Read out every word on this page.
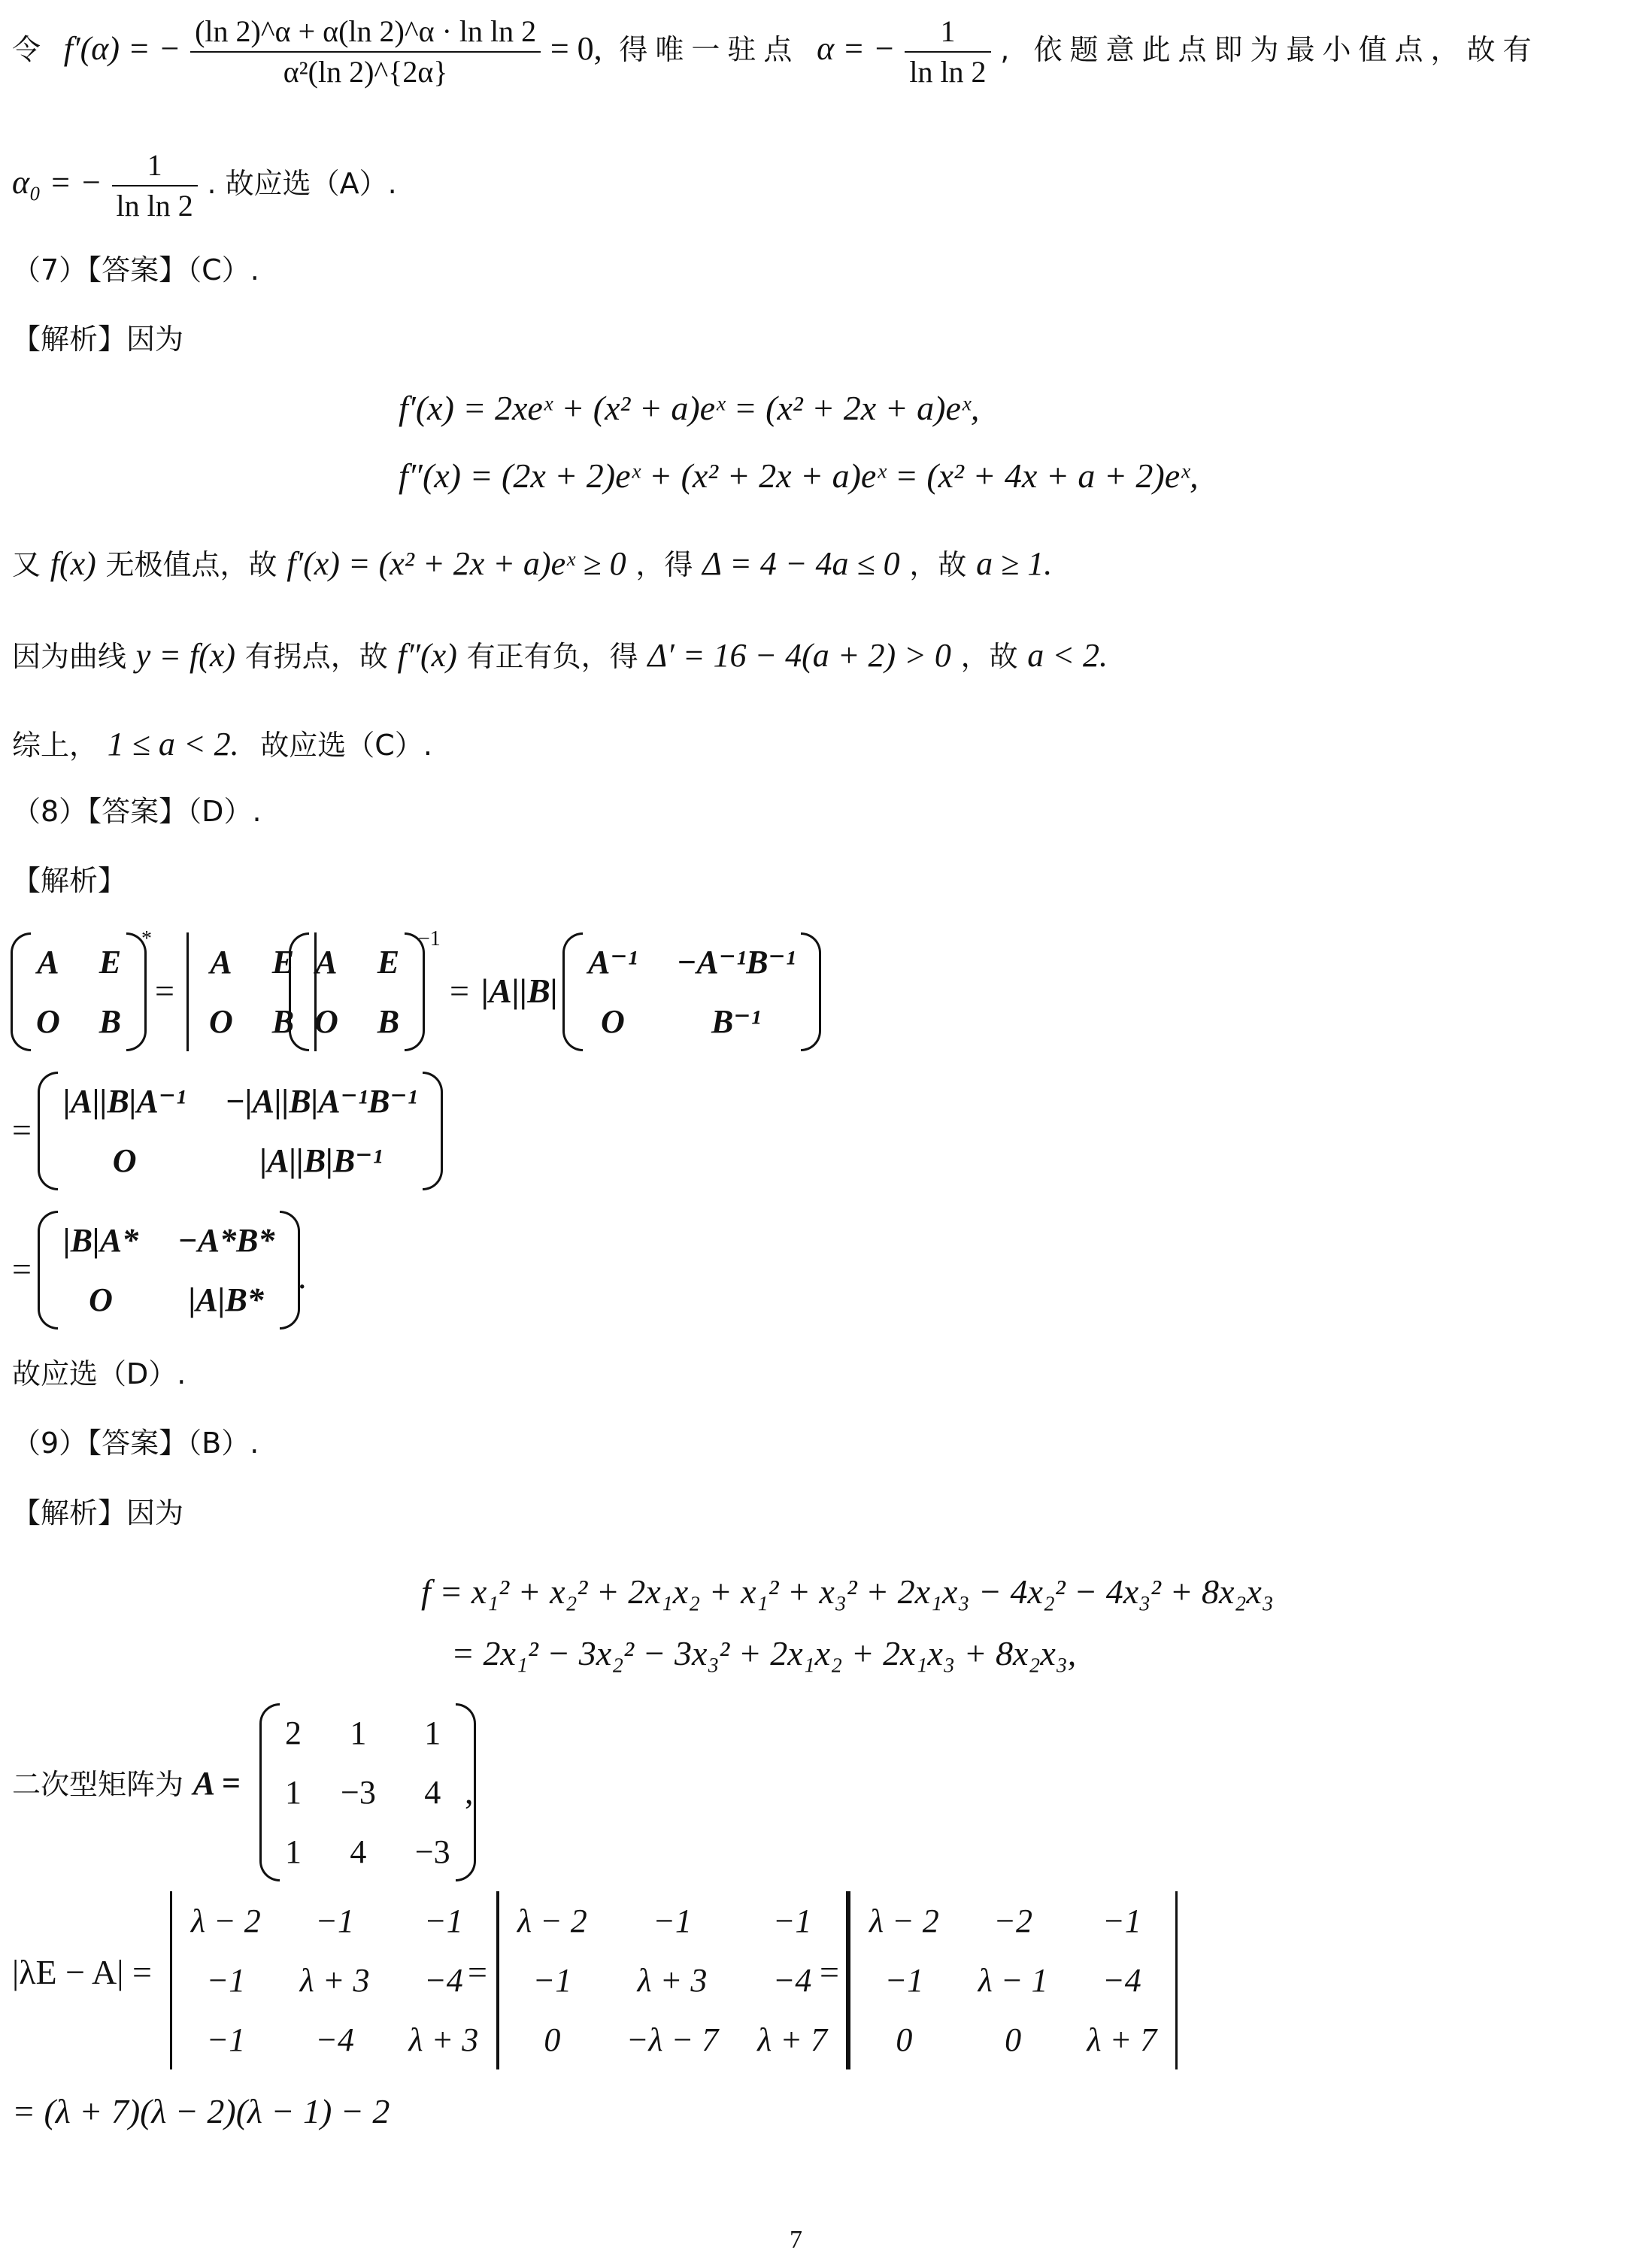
令 f′(α) = − $\frac{\text{(ln 2)\textasciicircum{}α + α(ln 2)\textasciicircum{}α · ln ln 2}}{\text{α²(ln 2)\textasciicircum{}\{2α\}}} = 0$, 得唯一驻点 α = − $\frac{1}{\text{ln ln 2}}$ , 依题意此点即为最小值点，故有
α₀ = − $\frac{1}{\text{ln ln 2}}$ . 故应选（A）.
（7）【答案】（C）.
【解析】因为
f′(x) = 2xeˣ + (x² + a)eˣ = (x² + 2x + a)eˣ,
f″(x) = (2x + 2)eˣ + (x² + 2x + a)eˣ = (x² + 4x + a + 2)eˣ,
又 f(x) 无极值点，故 f′(x) = (x² + 2x + a)eˣ ≥ 0 ，得 Δ = 4 − 4a ≤ 0 ，故 a ≥ 1.
因为曲线 y = f(x) 有拐点，故 f″(x) 有正有负，得 Δ′ = 16 − 4(a + 2) > 0 ，故 a < 2.
综上， 1 ≤ a < 2. 故应选（C）.
（8）【答案】（D）.
【解析】
A	E
O	B
*
=
A	E
O	B
A	E
O	B
−1
= |A||B|
A⁻¹	−A⁻¹B⁻¹
O	B⁻¹
=
|A||B|A⁻¹	−|A||B|A⁻¹B⁻¹
O	|A||B|B⁻¹
=
|B|A*	−A*B*
O	|A|B*
.
故应选（D）.
（9）【答案】（B）.
【解析】因为
f = x₁² + x₂² + 2x₁x₂ + x₁² + x₃² + 2x₁x₃ − 4x₂² − 4x₃² + 8x₂x₃
= 2x₁² − 3x₂² − 3x₃² + 2x₁x₂ + 2x₁x₃ + 8x₂x₃,
二次型矩阵为 A =
2	1	1
1	−3	4
1	4	−3
,
|λE − A| =
λ − 2	−1	−1
−1	λ + 3	−4
−1	−4	λ + 3
=
λ − 2	−1	−1
−1	λ + 3	−4
0	−λ − 7	λ + 7
=
λ − 2	−2	−1
−1	λ − 1	−4
0	0	λ + 7
= (λ + 7)(λ − 2)(λ − 1) − 2
7
